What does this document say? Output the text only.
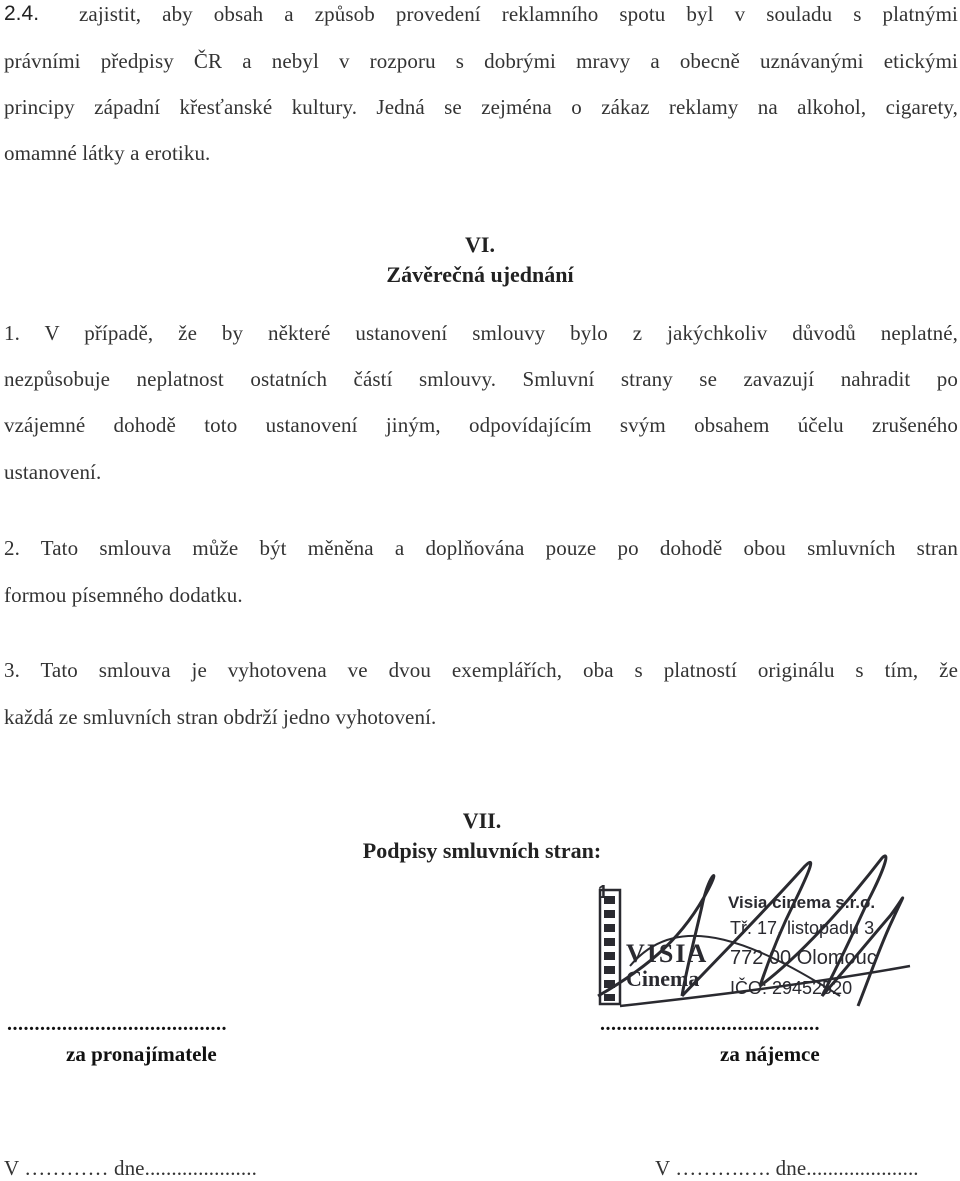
2.4. zajistit, aby obsah a způsob provedení reklamního spotu byl v souladu s platnými
právními předpisy ČR a nebyl v rozporu s dobrými mravy a obecně uznávanými etickými
principy západní křesťanské kultury. Jedná se zejména o zákaz reklamy na alkohol, cigarety,
omamné látky a erotiku.
VI.
Závěrečná ujednání
1. V případě, že by některé ustanovení smlouvy bylo z jakýchkoliv důvodů neplatné,
nezpůsobuje neplatnost ostatních částí smlouvy. Smluvní strany se zavazují nahradit po
vzájemné dohodě toto ustanovení jiným, odpovídajícím svým obsahem účelu zrušeného
ustanovení.
2. Tato smlouva může být měněna a doplňována pouze po dohodě obou smluvních stran
formou písemného dodatku.
3. Tato smlouva je vyhotovena ve dvou exemplářích, oba s platností originálu s tím, že
každá ze smluvních stran obdrží jedno vyhotovení.
VII.
Podpisy smluvních stran:
1
VISIA
Cinema
Visia cinema s.r.o.
Tř. 17. listopadu 3
772 00 Olomouc
IČO: 29452520
........................................
za pronajímatele
........................................
za nájemce
V ………… dne.....................	V ……….…. dne.....................
